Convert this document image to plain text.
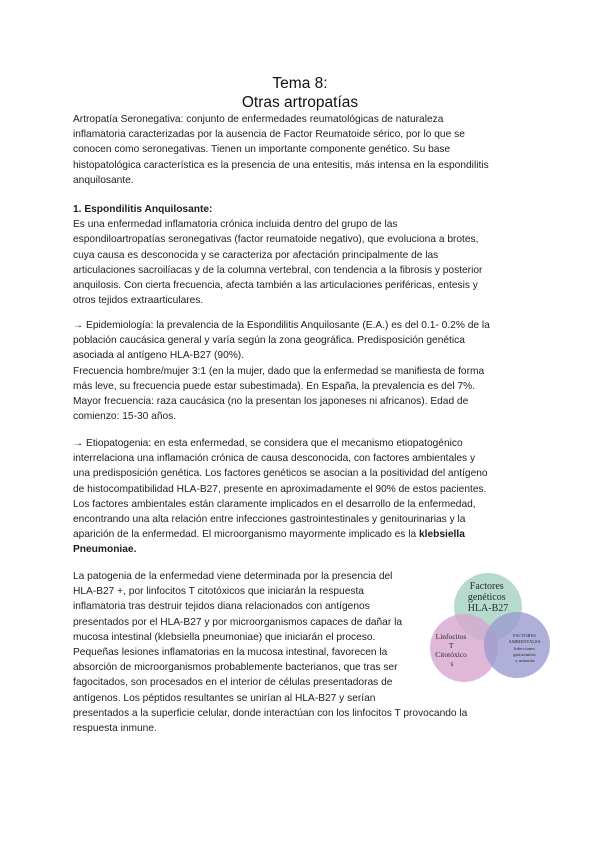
Tema 8:
Otras artropatías
Artropatía Seronegativa: conjunto de enfermedades reumatológicas de naturaleza
inflamatoria caracterizadas por la ausencia de Factor Reumatoide sérico, por lo que se
conocen como seronegativas. Tienen un importante componente genético. Su base
histopatológica característica es la presencia de una entesitis, más intensa en la espondilitis
anquilosante.
1. Espondilitis Anquilosante:
Es una enfermedad inflamatoria crónica incluida dentro del grupo de las
espondiloartropatías seronegativas (factor reumatoide negativo), que evoluciona a brotes,
cuya causa es desconocida y se caracteriza por afectación principalmente de las
articulaciones sacroilíacas y de la columna vertebral, con tendencia a la fibrosis y posterior
anquilosis. Con cierta frecuencia, afecta también a las articulaciones periféricas, entesis y
otros tejidos extraarticulares.
→ Epidemiología: la prevalencia de la Espondilitis Anquilosante (E.A.) es del 0.1- 0.2% de la
población caucásica general y varía según la zona geográfica. Predisposición genética
asociada al antígeno HLA-B27 (90%).
Frecuencia hombre/mujer 3:1 (en la mujer, dado que la enfermedad se manifiesta de forma
más leve, su frecuencia puede estar subestimada). En España, la prevalencia es del 7%.
Mayor frecuencia: raza caucásica (no la presentan los japoneses ni africanos). Edad de
comienzo: 15-30 años.
→ Etiopatogenia: en esta enfermedad, se considera que el mecanismo etiopatogénico
interrelaciona una inflamación crónica de causa desconocida, con factores ambientales y
una predisposición genética. Los factores genéticos se asocian a la positividad del antígeno
de histocompatibilidad HLA-B27, presente en aproximadamente el 90% de estos pacientes.
Los factores ambientales están claramente implicados en el desarrollo de la enfermedad,
encontrando una alta relación entre infecciones gastrointestinales y genitourinarias y la
aparición de la enfermedad. El microorganismo mayormente implicado es la klebsiella
Pneumoniae.
La patogenia de la enfermedad viene determinada por la presencia del
HLA-B27 +, por linfocitos T citotóxicos que iniciarán la respuesta
inflamatoria tras destruir tejidos diana relacionados con antígenos
presentados por el HLA-B27 y por microorganismos capaces de dañar la
mucosa intestinal (klebsiella pneumoniae) que iniciarán el proceso.
Pequeñas lesiones inflamatorias en la mucosa intestinal, favorecen la
absorción de microorganismos probablemente bacterianos, que tras ser
fagocitados, son procesados en el interior de células presentadoras de
antígenos. Los péptidos resultantes se unirían al HLA-B27 y serían
presentados a la superficie celular, donde interactúan con los linfocitos T provocando la
respuesta inmune.
Factores genéticos HLA-B27
Linfocitos T Citotóxico s
FACTORES AMBIENTALES Infecciones gastrointesti y urinarias
